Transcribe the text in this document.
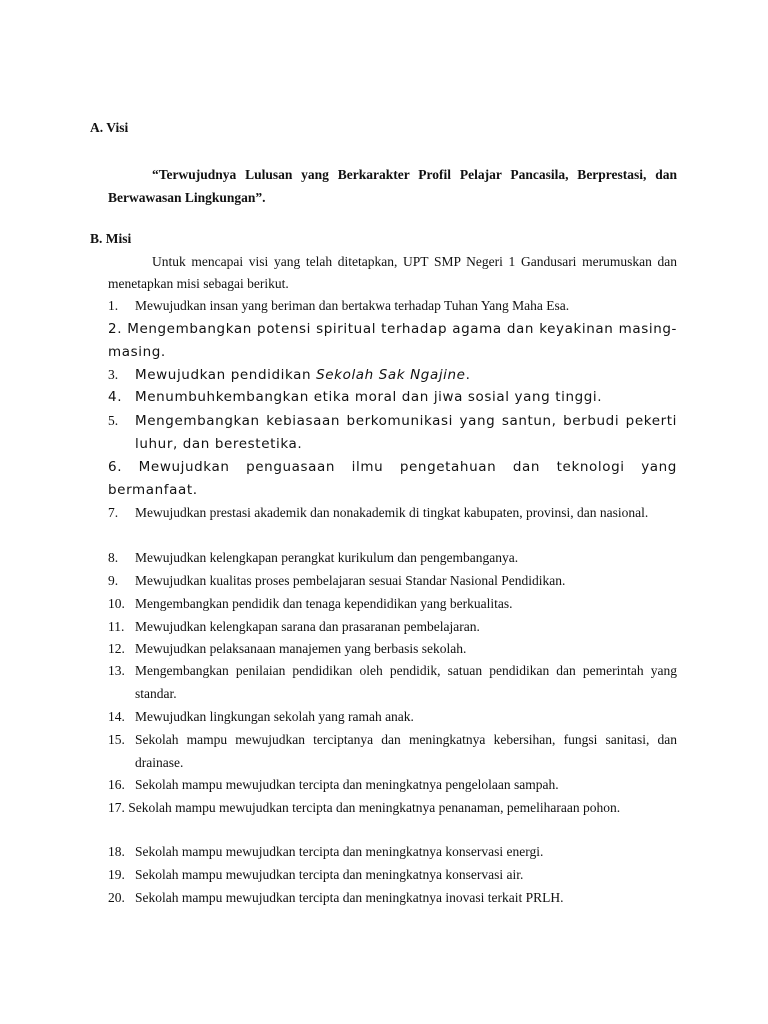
A. Visi

“Terwujudnya Lulusan yang Berkarakter Profil Pelajar Pancasila, Berprestasi, dan Berwawasan Lingkungan”.

B. Misi

Untuk mencapai visi yang telah ditetapkan, UPT SMP Negeri 1 Gandusari merumuskan dan menetapkan misi sebagai berikut.

1.	Mewujudkan insan yang beriman dan bertakwa terhadap Tuhan Yang Maha Esa.
2. Mengembangkan potensi spiritual terhadap agama dan keyakinan masing-masing.
3.	Mewujudkan pendidikan Sekolah Sak Ngajine.
4. Menumbuhkembangkan etika moral dan jiwa sosial yang tinggi.
5.	Mengembangkan kebiasaan berkomunikasi yang santun, berbudi pekerti luhur, dan berestetika.
6. Mewujudkan penguasaan ilmu pengetahuan dan teknologi yang bermanfaat.
7.	Mewujudkan prestasi akademik dan nonakademik di tingkat kabupaten, provinsi, dan nasional.
8.	Mewujudkan kelengkapan perangkat kurikulum dan pengembanganya.
9.	Mewujudkan kualitas proses pembelajaran sesuai Standar Nasional Pendidikan.
10. Mengembangkan pendidik dan tenaga kependidikan yang berkualitas.
11. Mewujudkan kelengkapan sarana dan prasaranan pembelajaran.
12. Mewujudkan pelaksanaan manajemen yang berbasis sekolah.
13. Mengembangkan penilaian pendidikan oleh pendidik, satuan pendidikan dan pemerintah yang standar.
14. Mewujudkan lingkungan sekolah yang ramah anak.
15. Sekolah mampu mewujudkan terciptanya dan meningkatnya kebersihan, fungsi sanitasi, dan drainase.
16. Sekolah mampu mewujudkan tercipta dan meningkatnya pengelolaan sampah.
17. Sekolah mampu mewujudkan tercipta dan meningkatnya penanaman, pemeliharaan pohon.
18. Sekolah mampu mewujudkan tercipta dan meningkatnya konservasi energi.
19. Sekolah mampu mewujudkan tercipta dan meningkatnya konservasi air.
20. Sekolah mampu mewujudkan tercipta dan meningkatnya inovasi terkait PRLH.
